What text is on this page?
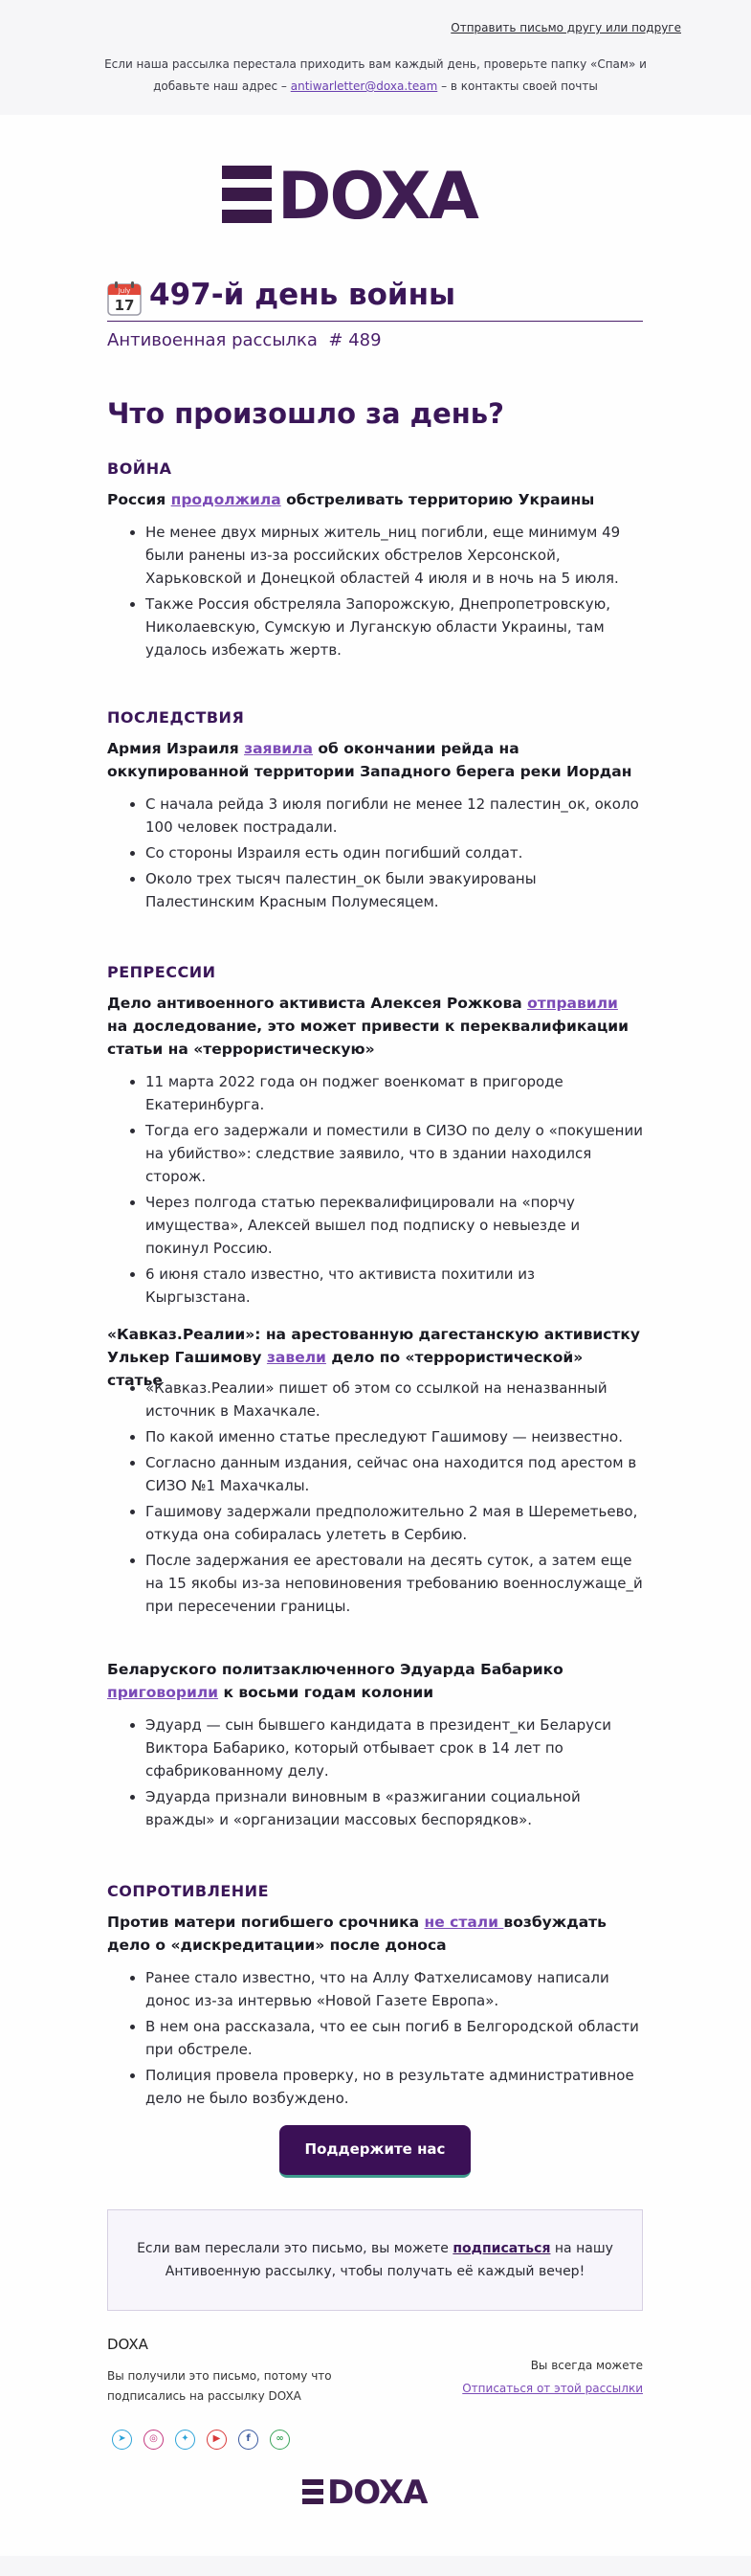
Отправить письмо другу или подруге
Если наша рассылка перестала приходить вам каждый день, проверьте папку «Спам» и добавьте наш адрес – antiwarletter@doxa.team – в контакты своей почты
DOXA
July
17 497-й день войны
Антивоенная рассылка  # 489
Что произошло за день?
ВОЙНА
Россия продолжила обстреливать территорию Украины
• Не менее двух мирных житель_ниц погибли, еще минимум 49 были ранены из-за российских обстрелов Херсонской, Харьковской и Донецкой областей 4 июля и в ночь на 5 июля.
• Также Россия обстреляла Запорожскую, Днепропетровскую, Николаевскую, Сумскую и Луганскую области Украины, там удалось избежать жертв.
ПОСЛЕДСТВИЯ
Армия Израиля заявила об окончании рейда на оккупированной территории Западного берега реки Иордан
• С начала рейда 3 июля погибли не менее 12 палестин_ок, около 100 человек пострадали.
• Со стороны Израиля есть один погибший солдат.
• Около трех тысяч палестин_ок были эвакуированы Палестинским Красным Полумесяцем.
РЕПРЕССИИ
Дело антивоенного активиста Алексея Рожкова отправили на доследование, это может привести к переквалификации статьи на «террористическую»
• 11 марта 2022 года он поджег военкомат в пригороде Екатеринбурга.
• Тогда его задержали и поместили в СИЗО по делу о «покушении на убийство»: следствие заявило, что в здании находился сторож.
• Через полгода статью переквалифицировали на «порчу имущества», Алексей вышел под подписку о невыезде и покинул Россию.
• 6 июня стало известно, что активиста похитили из Кыргызстана.
«Кавказ.Реалии»: на арестованную дагестанскую активистку Улькер Гашимову завели дело по «террористической» статье
• «Кавказ.Реалии» пишет об этом со ссылкой на неназванный источник в Махачкале.
• По какой именно статье преследуют Гашимову — неизвестно.
• Согласно данным издания, сейчас она находится под арестом в СИЗО №1 Махачкалы.
• Гашимову задержали предположительно 2 мая в Шереметьево, откуда она собиралась улететь в Сербию.
• После задержания ее арестовали на десять суток, а затем еще на 15 якобы из-за неповиновения требованию военнослужаще_й при пересечении границы.
Беларуского политзаключенного Эдуарда Бабарико приговорили к восьми годам колонии
• Эдуард — сын бывшего кандидата в президент_ки Беларуси Виктора Бабарико, который отбывает срок в 14 лет по сфабрикованному делу.
• Эдуарда признали виновным в «разжигании социальной вражды» и «организации массовых беспорядков».
СОПРОТИВЛЕНИЕ
Против матери погибшего срочника не стали возбуждать дело о «дискредитации» после доноса
• Ранее стало известно, что на Аллу Фатхелисамову написали донос из-за интервью «Новой Газете Европа».
• В нем она рассказала, что ее сын погиб в Белгородской области при обстреле.
• Полиция провела проверку, но в результате административное дело не было возбуждено.
Поддержите нас
Если вам переслали это письмо, вы можете подписаться на нашу Антивоенную рассылку, чтобы получать её каждый вечер!
DOXA
Вы получили это письмо, потому что подписались на рассылку DOXA
Вы всегда можете
Отписаться от этой рассылки
➤	◎	✦	▶	f	∞
DOXA
